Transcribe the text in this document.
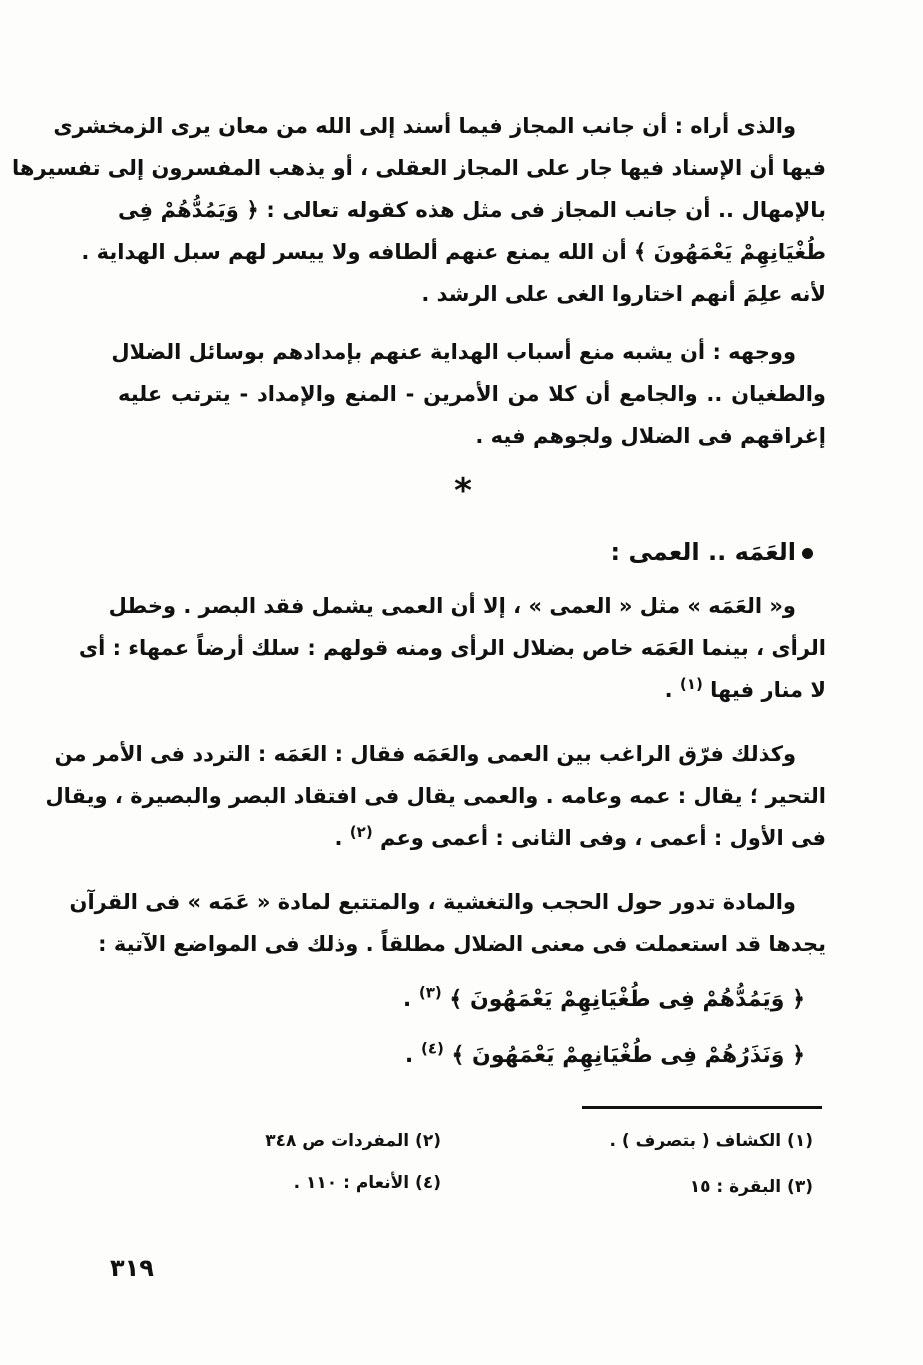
والذى أراه : أن جانب المجاز فيما أسند إلى الله من معان يرى الزمخشرى
فيها أن الإسناد فيها جار على المجاز العقلى ، أو يذهب المفسرون إلى تفسيرها
بالإمهال .. أن جانب المجاز فى مثل هذه كقوله تعالى : ﴿ وَيَمُدُّهُمْ فِى
طُغْيَانِهِمْ يَعْمَهُونَ ﴾ أن الله يمنع عنهم ألطافه ولا ييسر لهم سبل الهداية .
لأنه علِمَ أنهم اختاروا الغى على الرشد .
ووجهه : أن يشبه منع أسباب الهداية عنهم بإمدادهم بوسائل الضلال
والطغيان .. والجامع أن كلا من الأمرين - المنع والإمداد - يترتب عليه
إغراقهم فى الضلال ولجوهم فيه .
*
العَمَه .. العمى :
و« العَمَه » مثل « العمى » ، إلا أن العمى يشمل فقد البصر . وخطل
الرأى ، بينما العَمَه خاص بضلال الرأى ومنه قولهم : سلك أرضاً عمهاء : أى
لا منار فيها $^{(١)}$ .
وكذلك فرّق الراغب بين العمى والعَمَه فقال : العَمَه : التردد فى الأمر من
التحير ؛ يقال : عمه وعامه . والعمى يقال فى افتقاد البصر والبصيرة ، ويقال
فى الأول : أعمى ، وفى الثانى : أعمى وعم $^{(٢)}$ .
والمادة تدور حول الحجب والتغشية ، والمتتبع لمادة « عَمَه » فى القرآن
يجدها قد استعملت فى معنى الضلال مطلقاً . وذلك فى المواضع الآتية :
﴿ وَيَمُدُّهُمْ فِى طُغْيَانِهِمْ يَعْمَهُونَ ﴾ $^{(٣)}$ .
﴿ وَنَذَرُهُمْ فِى طُغْيَانِهِمْ يَعْمَهُونَ ﴾ $^{(٤)}$ .
(١) الكشاف ( بتصرف ) .
(٢) المفردات ص ٣٤٨
(٣) البقرة : ١٥
(٤) الأنعام : ١١٠ .
٣١٩
